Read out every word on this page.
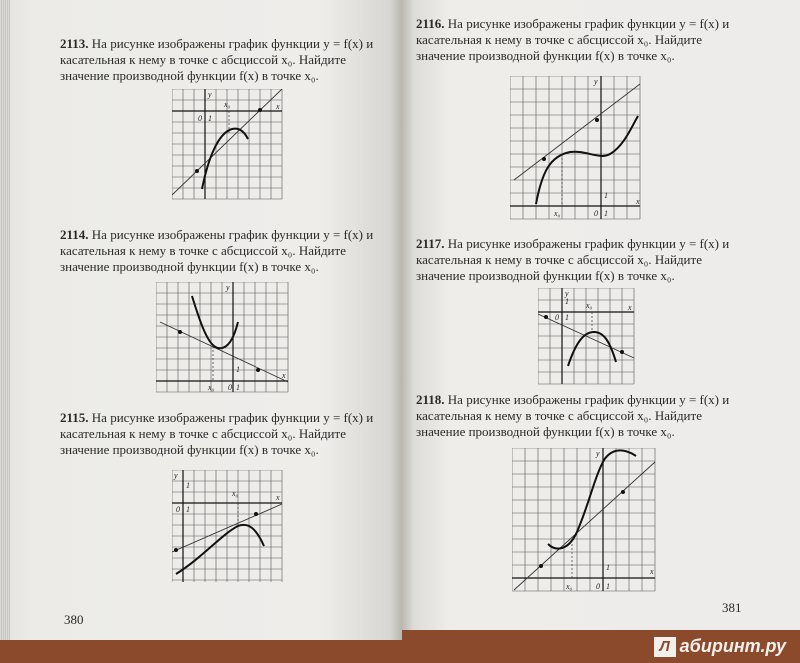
2113. На рисунке изображены график функции y = f(x) и касательная к нему в точке с абсциссой x₀. Найдите значение производной функции f(x) в точке x₀.

y
x
x₀
0 1

2114. На рисунке изображены график функции y = f(x) и касательная к нему в точке с абсциссой x₀. Найдите значение производной функции f(x) в точке x₀.

y
x
x₀ 0 1
1

2115. На рисунке изображены график функции y = f(x) и касательная к нему в точке с абсциссой x₀. Найдите значение производной функции f(x) в точке x₀.

y
x
x₀
0 1
1
380

2116. На рисунке изображены график функции y = f(x) и касательная к нему в точке с абсциссой x₀. Найдите значение производной функции f(x) в точке x₀.

y
x
x₀	0 1
1

2117. На рисунке изображены график функции y = f(x) и касательная к нему в точке с абсциссой x₀. Найдите значение производной функции f(x) в точке x₀.

y
x
x₀
0 1
1

2118. На рисунке изображены график функции y = f(x) и касательная к нему в точке с абсциссой x₀. Найдите значение производной функции f(x) в точке x₀.

y
x
x₀	0 1
1
381
Л абиринт.ру
